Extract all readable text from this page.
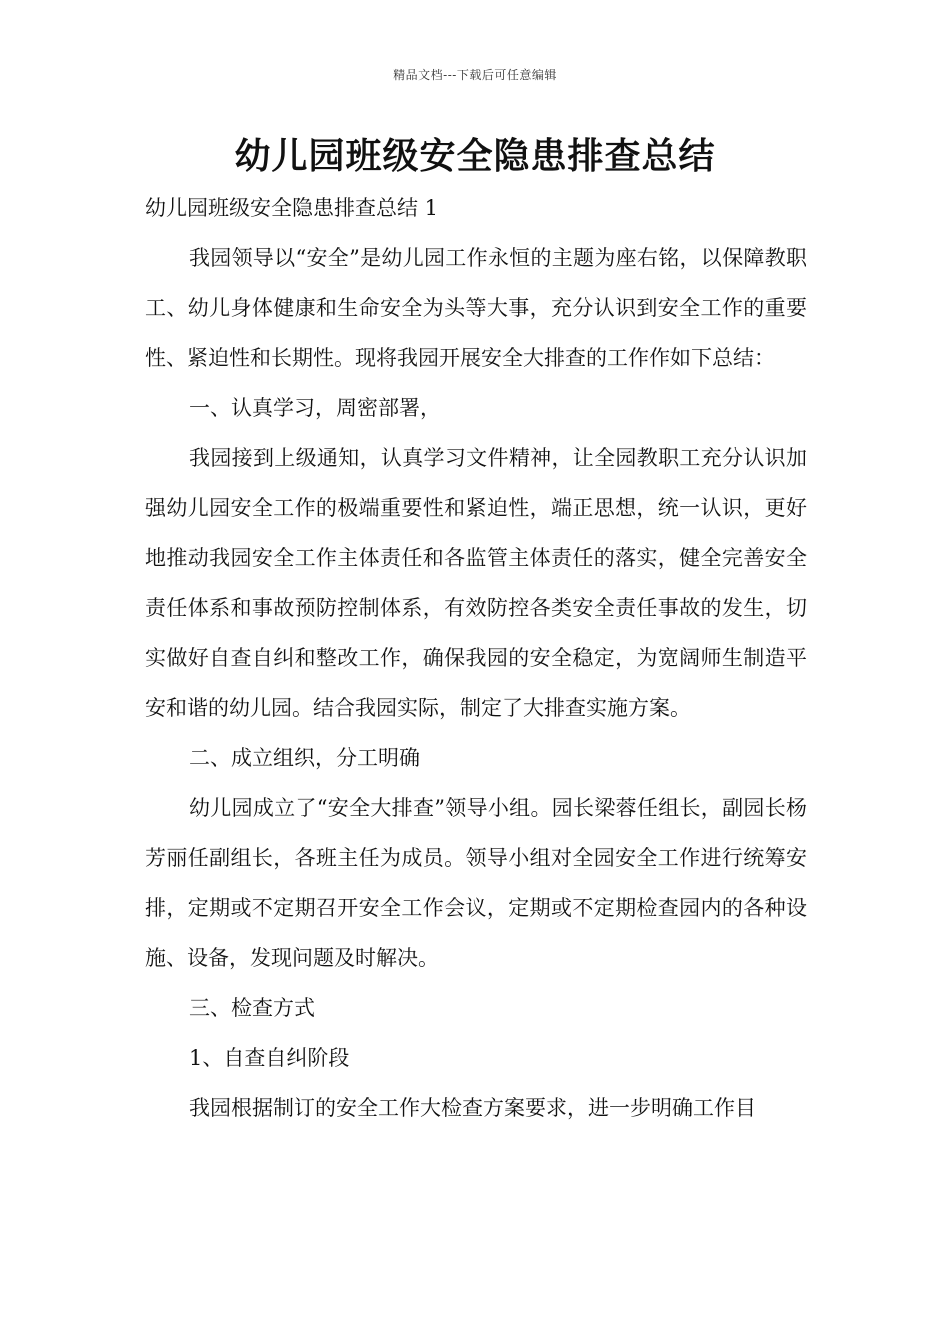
精品文档---下载后可任意编辑
幼儿园班级安全隐患排查总结

幼儿园班级安全隐患排查总结 1

我园领导以“安全”是幼儿园工作永恒的主题为座右铭，以保障教职工、幼儿身体健康和生命安全为头等大事，充分认识到安全工作的重要性、紧迫性和长期性。现将我园开展安全大排查的工作作如下总结：

一、认真学习，周密部署，

我园接到上级通知，认真学习文件精神，让全园教职工充分认识加强幼儿园安全工作的极端重要性和紧迫性，端正思想，统一认识，更好地推动我园安全工作主体责任和各监管主体责任的落实，健全完善安全责任体系和事故预防控制体系，有效防控各类安全责任事故的发生，切实做好自查自纠和整改工作，确保我园的安全稳定，为宽阔师生制造平安和谐的幼儿园。结合我园实际，制定了大排查实施方案。

二、成立组织，分工明确

幼儿园成立了“安全大排查”领导小组。园长梁蓉任组长，副园长杨芳丽任副组长，各班主任为成员。领导小组对全园安全工作进行统筹安排，定期或不定期召开安全工作会议，定期或不定期检查园内的各种设施、设备，发现问题及时解决。

三、检查方式

1、自查自纠阶段

我园根据制订的安全工作大检查方案要求，进一步明确工作目
